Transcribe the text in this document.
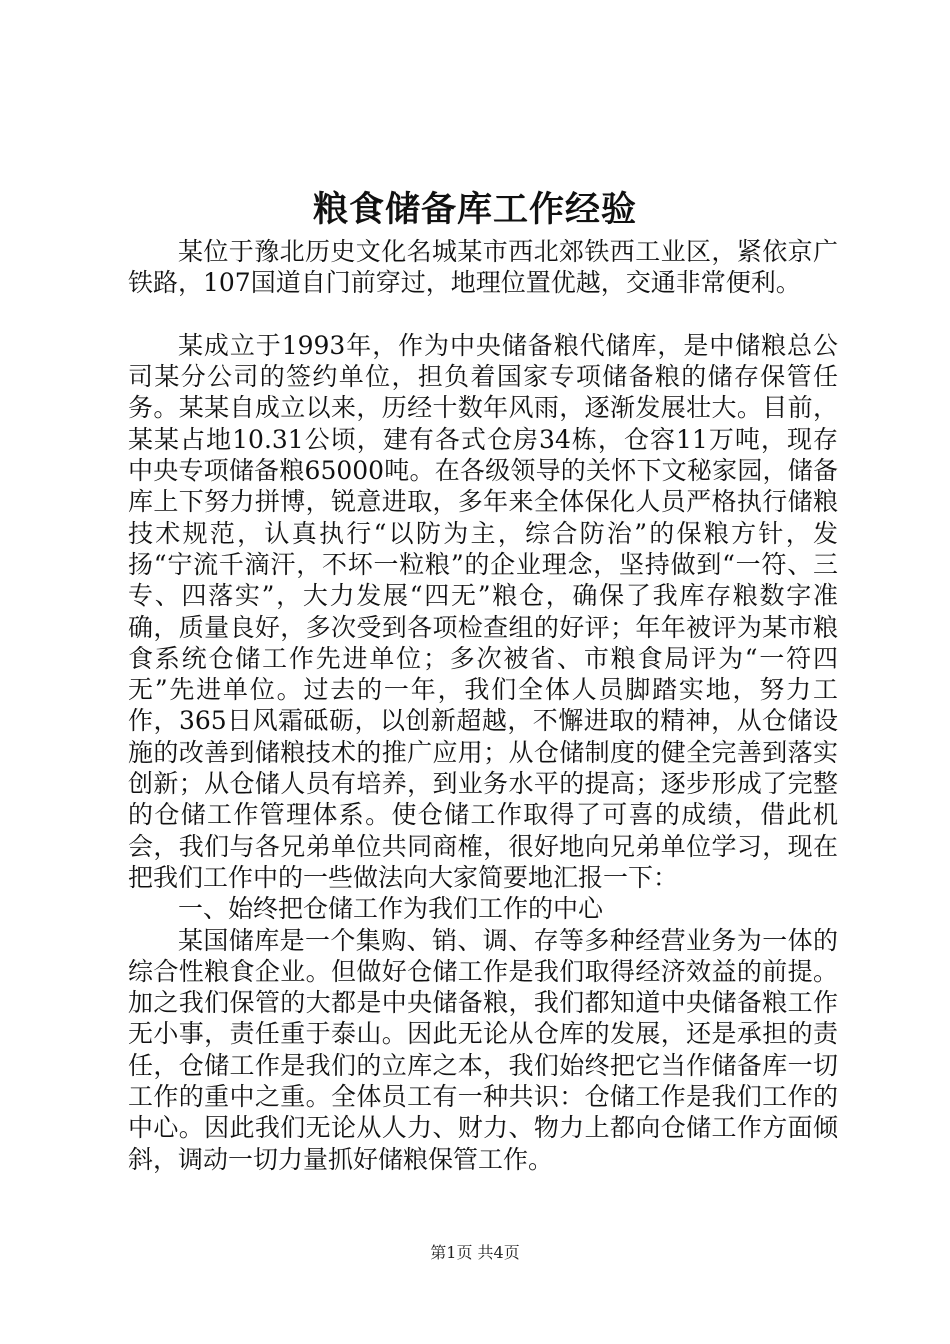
粮食储备库工作经验

某位于豫北历史文化名城某市西北郊铁西工业区，紧依京广铁路，107国道自门前穿过，地理位置优越，交通非常便利。

某成立于1993年，作为中央储备粮代储库，是中储粮总公司某分公司的签约单位，担负着国家专项储备粮的储存保管任务。某某自成立以来，历经十数年风雨，逐渐发展壮大。目前，某某占地10.31公顷，建有各式仓房34栋，仓容11万吨，现存中央专项储备粮65000吨。在各级领导的关怀下文秘家园，储备库上下努力拼博，锐意进取，多年来全体保化人员严格执行储粮技术规范，认真执行“以防为主，综合防治”的保粮方针，发扬“宁流千滴汗，不坏一粒粮”的企业理念，坚持做到“一符、三专、四落实”，大力发展“四无”粮仓，确保了我库存粮数字准确，质量良好，多次受到各项检查组的好评；年年被评为某市粮食系统仓储工作先进单位；多次被省、市粮食局评为“一符四无”先进单位。过去的一年，我们全体人员脚踏实地，努力工作，365日风霜砥砺，以创新超越，不懈进取的精神，从仓储设施的改善到储粮技术的推广应用；从仓储制度的健全完善到落实创新；从仓储人员有培养，到业务水平的提高；逐步形成了完整的仓储工作管理体系。使仓储工作取得了可喜的成绩，借此机会，我们与各兄弟单位共同商榷，很好地向兄弟单位学习，现在把我们工作中的一些做法向大家简要地汇报一下：

一、始终把仓储工作为我们工作的中心

某国储库是一个集购、销、调、存等多种经营业务为一体的综合性粮食企业。但做好仓储工作是我们取得经济效益的前提。加之我们保管的大都是中央储备粮，我们都知道中央储备粮工作无小事，责任重于泰山。因此无论从仓库的发展，还是承担的责任，仓储工作是我们的立库之本，我们始终把它当作储备库一切工作的重中之重。全体员工有一种共识：仓储工作是我们工作的中心。因此我们无论从人力、财力、物力上都向仓储工作方面倾斜，调动一切力量抓好储粮保管工作。

第1页 共4页
